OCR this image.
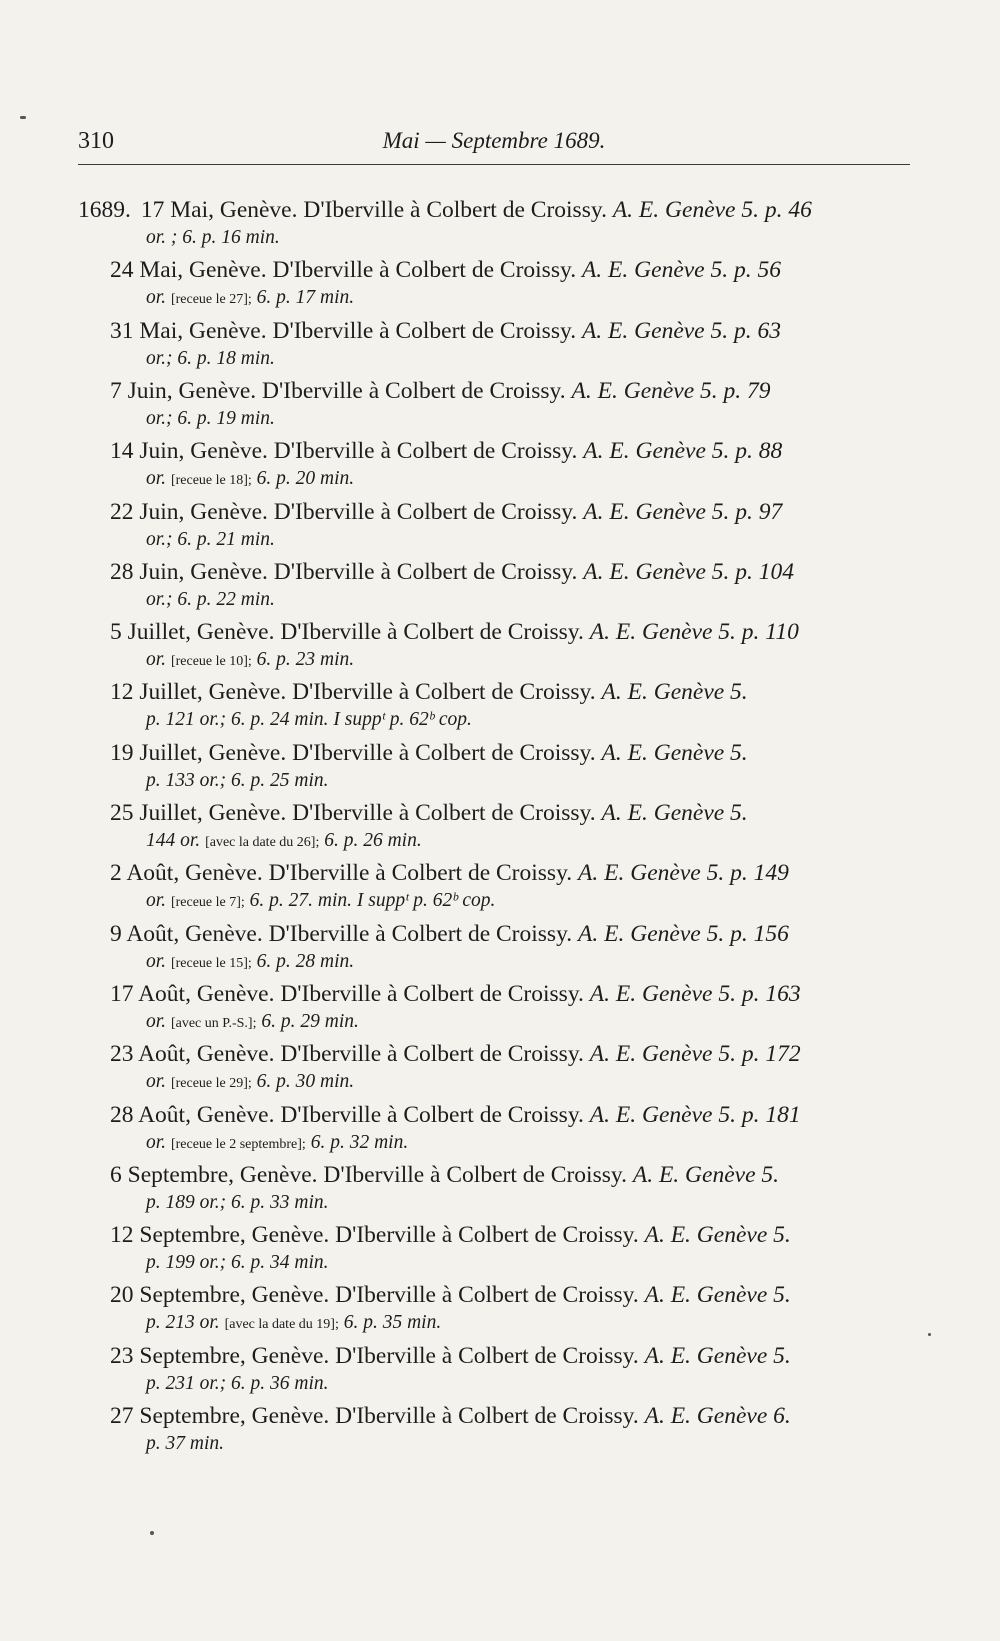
310	Mai — Septembre 1689.
1689. 17 Mai, Genève. D'Iberville à Colbert de Croissy. A. E. Genève 5. p. 46
or. ; 6. p. 16 min.
24 Mai, Genève. D'Iberville à Colbert de Croissy. A. E. Genève 5. p. 56
or. [receue le 27]; 6. p. 17 min.
31 Mai, Genève. D'Iberville à Colbert de Croissy. A. E. Genève 5. p. 63
or.; 6. p. 18 min.
7 Juin, Genève. D'Iberville à Colbert de Croissy. A. E. Genève 5. p. 79
or.; 6. p. 19 min.
14 Juin, Genève. D'Iberville à Colbert de Croissy. A. E. Genève 5. p. 88
or. [receue le 18]; 6. p. 20 min.
22 Juin, Genève. D'Iberville à Colbert de Croissy. A. E. Genève 5. p. 97
or.; 6. p. 21 min.
28 Juin, Genève. D'Iberville à Colbert de Croissy. A. E. Genève 5. p. 104
or.; 6. p. 22 min.
5 Juillet, Genève. D'Iberville à Colbert de Croissy. A. E. Genève 5. p. 110
or. [receue le 10]; 6. p. 23 min.
12 Juillet, Genève. D'Iberville à Colbert de Croissy. A. E. Genève 5.
p. 121 or.; 6. p. 24 min. I suppᵗ p. 62ᵇ cop.
19 Juillet, Genève. D'Iberville à Colbert de Croissy. A. E. Genève 5.
p. 133 or.; 6. p. 25 min.
25 Juillet, Genève. D'Iberville à Colbert de Croissy. A. E. Genève 5.
144 or. [avec la date du 26]; 6. p. 26 min.
2 Août, Genève. D'Iberville à Colbert de Croissy. A. E. Genève 5. p. 149
or. [receue le 7]; 6. p. 27. min. I suppᵗ p. 62ᵇ cop.
9 Août, Genève. D'Iberville à Colbert de Croissy. A. E. Genève 5. p. 156
or. [receue le 15]; 6. p. 28 min.
17 Août, Genève. D'Iberville à Colbert de Croissy. A. E. Genève 5. p. 163
or. [avec un P.-S.]; 6. p. 29 min.
23 Août, Genève. D'Iberville à Colbert de Croissy. A. E. Genève 5. p. 172
or. [receue le 29]; 6. p. 30 min.
28 Août, Genève. D'Iberville à Colbert de Croissy. A. E. Genève 5. p. 181
or. [receue le 2 septembre]; 6. p. 32 min.
6 Septembre, Genève. D'Iberville à Colbert de Croissy. A. E. Genève 5.
p. 189 or.; 6. p. 33 min.
12 Septembre, Genève. D'Iberville à Colbert de Croissy. A. E. Genève 5.
p. 199 or.; 6. p. 34 min.
20 Septembre, Genève. D'Iberville à Colbert de Croissy. A. E. Genève 5.
p. 213 or. [avec la date du 19]; 6. p. 35 min.
23 Septembre, Genève. D'Iberville à Colbert de Croissy. A. E. Genève 5.
p. 231 or.; 6. p. 36 min.
27 Septembre, Genève. D'Iberville à Colbert de Croissy. A. E. Genève 6.
p. 37 min.
